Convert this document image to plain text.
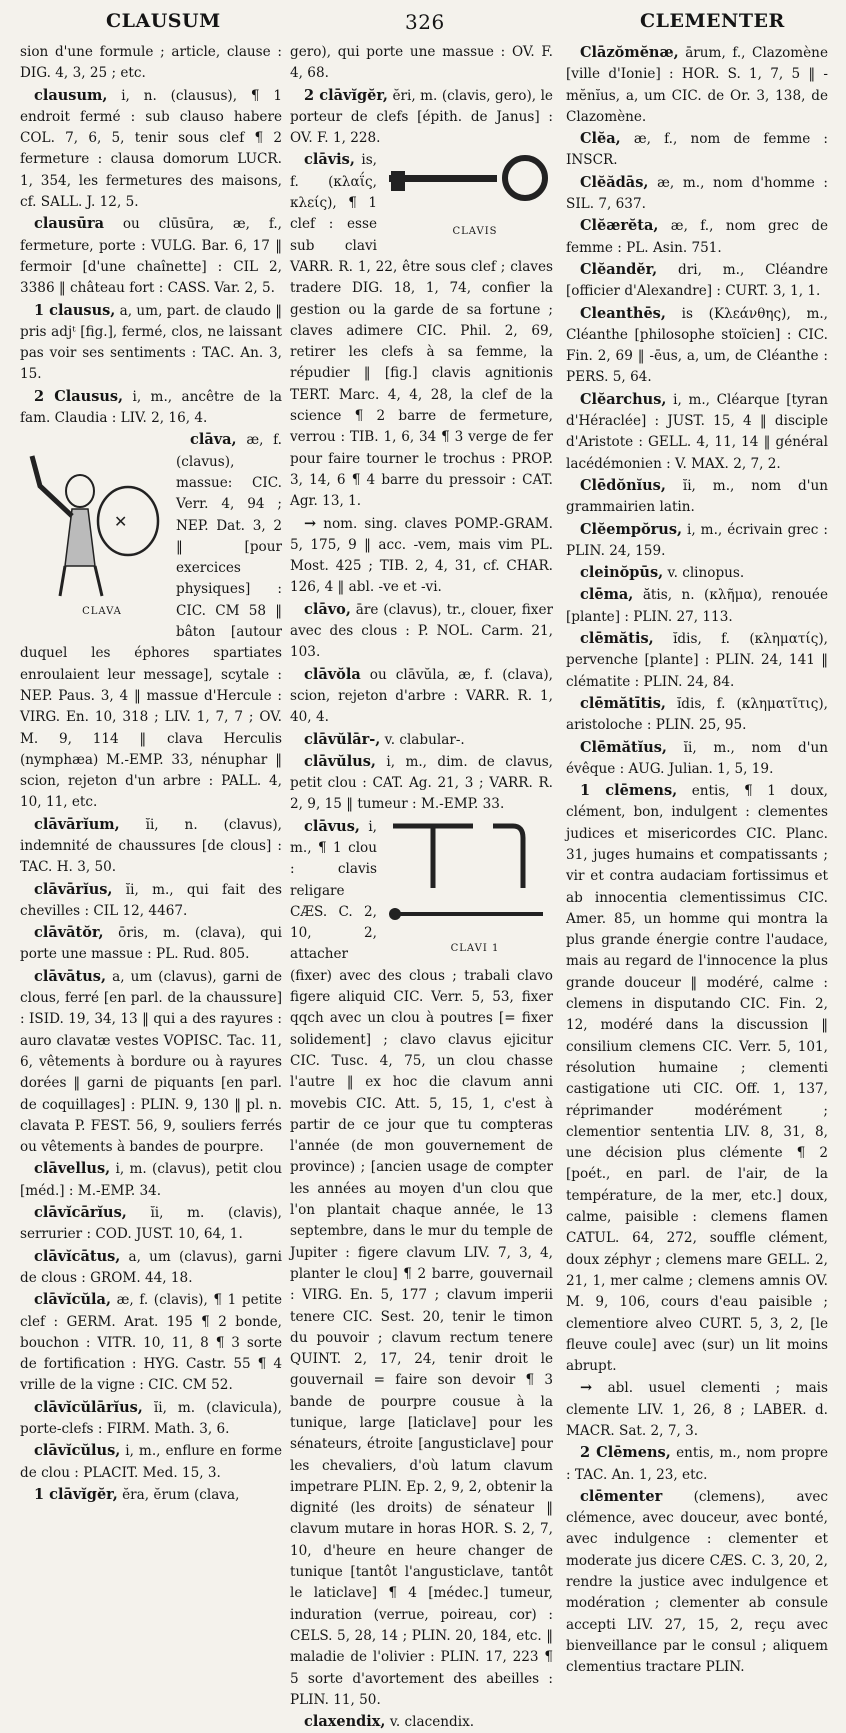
CLAUSUM	326	CLEMENTER

sion d'une formule ; article, clause : DIG. 4, 3, 25 ; etc.

clausum, i, n. (clausus), ¶ 1 endroit fermé : sub clauso habere COL. 7, 6, 5, tenir sous clef ¶ 2 fermeture : clausa domorum LUCR. 1, 354, les fermetures des maisons, cf. SALL. J. 12, 5.

clausūra ou clūsūra, æ, f., fermeture, porte : VULG. Bar. 6, 17 ‖ fermoir [d'une chaînette] : CIL 2, 3386 ‖ château fort : CASS. Var. 2, 5.

1 clausus, a, um, part. de claudo ‖ pris adjᵗ [fig.], fermé, clos, ne laissant pas voir ses sentiments : TAC. An. 3, 15.

2 Clausus, i, m., ancêtre de la fam. Claudia : LIV. 2, 16, 4.

✕
CLAVA
clāva, æ, f. (clavus), massue: CIC. Verr. 4, 94 ; NEP. Dat. 3, 2 ‖ [pour exercices physiques] : CIC. CM 58 ‖ bâton [autour duquel les éphores spartiates enroulaient leur message], scytale : NEP. Paus. 3, 4 ‖ massue d'Hercule : VIRG. En. 10, 318 ; LIV. 1, 7, 7 ; OV. M. 9, 114 ‖ clava Herculis (nymphæa) M.-EMP. 33, nénuphar ‖ scion, rejeton d'un arbre : PALL. 4, 10, 11, etc.

clāvārĭum, ĭi, n. (clavus), indemnité de chaussures [de clous] : TAC. H. 3, 50.

clāvārĭus, ĭi, m., qui fait des chevilles : CIL 12, 4467.

clāvātŏr, ōris, m. (clava), qui porte une massue : PL. Rud. 805.

clāvātus, a, um (clavus), garni de clous, ferré [en parl. de la chaussure] : ISID. 19, 34, 13 ‖ qui a des rayures : auro clavatæ vestes VOPISC. Tac. 11, 6, vêtements à bordure ou à rayures dorées ‖ garni de piquants [en parl. de coquillages] : PLIN. 9, 130 ‖ pl. n. clavata P. FEST. 56, 9, souliers ferrés ou vêtements à bandes de pourpre.

clāvellus, i, m. (clavus), petit clou [méd.] : M.-EMP. 34.

clāvĭcārĭus, ĭi, m. (clavis), serrurier : COD. JUST. 10, 64, 1.

clāvĭcātus, a, um (clavus), garni de clous : GROM. 44, 18.

clāvĭcŭla, æ, f. (clavis), ¶ 1 petite clef : GERM. Arat. 195 ¶ 2 bonde, bouchon : VITR. 10, 11, 8 ¶ 3 sorte de fortification : HYG. Castr. 55 ¶ 4 vrille de la vigne : CIC. CM 52.

clāvĭcŭlārĭus, ĭi, m. (clavicula), porte-clefs : FIRM. Math. 3, 6.

clāvĭcŭlus, i, m., enflure en forme de clou : PLACIT. Med. 15, 3.

1 clāvĭgĕr, ĕra, ĕrum (clava,

gero), qui porte une massue : OV. F. 4, 68.

2 clāvĭgĕr, ĕri, m. (clavis, gero), le porteur de clefs [épith. de Janus] : OV. F. 1, 228.

CLAVIS
clāvis, is, f. (κλαΐς, κλείς), ¶ 1 clef : esse sub clavi VARR. R. 1, 22, être sous clef ; claves tradere DIG. 18, 1, 74, confier la gestion ou la garde de sa fortune ; claves adimere CIC. Phil. 2, 69, retirer les clefs à sa femme, la répudier ‖ [fig.] clavis agnitionis TERT. Marc. 4, 4, 28, la clef de la science ¶ 2 barre de fermeture, verrou : TIB. 1, 6, 34 ¶ 3 verge de fer pour faire tourner le trochus : PROP. 3, 14, 6 ¶ 4 barre du pressoir : CAT. Agr. 13, 1.

→ nom. sing. claves POMP.-GRAM. 5, 175, 9 ‖ acc. -vem, mais vim PL. Most. 425 ; TIB. 2, 4, 31, cf. CHAR. 126, 4 ‖ abl. -ve et -vi.

clāvo, āre (clavus), tr., clouer, fixer avec des clous : P. NOL. Carm. 21, 103.

clāvŏla ou clāvŭla, æ, f. (clava), scion, rejeton d'arbre : VARR. R. 1, 40, 4.

clāvŭlār-, v. clabular-.

clāvŭlus, i, m., dim. de clavus, petit clou : CAT. Ag. 21, 3 ; VARR. R. 2, 9, 15 ‖ tumeur : M.-EMP. 33.

CLAVI 1
clāvus, i, m., ¶ 1 clou : clavis religare CÆS. C. 2, 10, 2, attacher (fixer) avec des clous ; trabali clavo figere aliquid CIC. Verr. 5, 53, fixer qqch avec un clou à poutres [= fixer solidement] ; clavo clavus ejicitur CIC. Tusc. 4, 75, un clou chasse l'autre ‖ ex hoc die clavum anni movebis CIC. Att. 5, 15, 1, c'est à partir de ce jour que tu compteras l'année (de mon gouvernement de province) ; [ancien usage de compter les années au moyen d'un clou que l'on plantait chaque année, le 13 septembre, dans le mur du temple de Jupiter : figere clavum LIV. 7, 3, 4, planter le clou] ¶ 2 barre, gouvernail : VIRG. En. 5, 177 ; clavum imperii tenere CIC. Sest. 20, tenir le timon du pouvoir ; clavum rectum tenere QUINT. 2, 17, 24, tenir droit le gouvernail = faire son devoir ¶ 3 bande de pourpre cousue à la tunique, large [laticlave] pour les sénateurs, étroite [angusticlave] pour les chevaliers, d'où latum clavum impetrare PLIN. Ep. 2, 9, 2, obtenir la dignité (les droits) de sénateur ‖ clavum mutare in horas HOR. S. 2, 7, 10, d'heure en heure changer de tunique [tantôt l'angusticlave, tantôt le laticlave] ¶ 4 [médec.] tumeur, induration (verrue, poireau, cor) : CELS. 5, 28, 14 ; PLIN. 20, 184, etc. ‖ maladie de l'olivier : PLIN. 17, 223 ¶ 5 sorte d'avortement des abeilles : PLIN. 11, 50.

claxendix, v. clacendix.

Clāzŏmĕnæ, ārum, f., Clazomène [ville d'Ionie] : HOR. S. 1, 7, 5 ‖ -mĕnĭus, a, um CIC. de Or. 3, 138, de Clazomène.

Clĕa, æ, f., nom de femme : INSCR.

Clĕădās, æ, m., nom d'homme : SIL. 7, 637.

Clĕærĕta, æ, f., nom grec de femme : PL. Asin. 751.

Clĕandĕr, dri, m., Cléandre [officier d'Alexandre] : CURT. 3, 1, 1.

Cleanthēs, is (Κλεάνθης), m., Cléanthe [philosophe stoïcien] : CIC. Fin. 2, 69 ‖ -ēus, a, um, de Cléanthe : PERS. 5, 64.

Clĕarchus, i, m., Cléarque [tyran d'Héraclée] : JUST. 15, 4 ‖ disciple d'Aristote : GELL. 4, 11, 14 ‖ général lacédémonien : V. MAX. 2, 7, 2.

Clēdŏnĭus, ĭi, m., nom d'un grammairien latin.

Clĕempŏrus, i, m., écrivain grec : PLIN. 24, 159.

cleinŏpūs, v. clinopus.

clēma, ătis, n. (κλῆμα), renouée [plante] : PLIN. 27, 113.

clēmătis, ĭdis, f. (κληματίς), pervenche [plante] : PLIN. 24, 141 ‖ clématite : PLIN. 24, 84.

clēmătītis, ĭdis, f. (κληματῖτις), aristoloche : PLIN. 25, 95.

Clēmătĭus, ĭi, m., nom d'un évêque : AUG. Julian. 1, 5, 19.

1 clēmens, entis, ¶ 1 doux, clément, bon, indulgent : clementes judices et misericordes CIC. Planc. 31, juges humains et compatissants ; vir et contra audaciam fortissimus et ab innocentia clementissimus CIC. Amer. 85, un homme qui montra la plus grande énergie contre l'audace, mais au regard de l'innocence la plus grande douceur ‖ modéré, calme : clemens in disputando CIC. Fin. 2, 12, modéré dans la discussion ‖ consilium clemens CIC. Verr. 5, 101, résolution humaine ; clementi castigatione uti CIC. Off. 1, 137, réprimander modérément ; clementior sententia LIV. 8, 31, 8, une décision plus clémente ¶ 2 [poét., en parl. de l'air, de la température, de la mer, etc.] doux, calme, paisible : clemens flamen CATUL. 64, 272, souffle clément, doux zéphyr ; clemens mare GELL. 2, 21, 1, mer calme ; clemens amnis OV. M. 9, 106, cours d'eau paisible ; clementiore alveo CURT. 5, 3, 2, [le fleuve coule] avec (sur) un lit moins abrupt.

→ abl. usuel clementi ; mais clemente LIV. 1, 26, 8 ; LABER. d. MACR. Sat. 2, 7, 3.

2 Clēmens, entis, m., nom propre : TAC. An. 1, 23, etc.

clēmenter (clemens), avec clémence, avec douceur, avec bonté, avec indulgence : clementer et moderate jus dicere CÆS. C. 3, 20, 2, rendre la justice avec indulgence et modération ; clementer ab consule accepti LIV. 27, 15, 2, reçu avec bienveillance par le consul ; aliquem clementius tractare PLIN.
